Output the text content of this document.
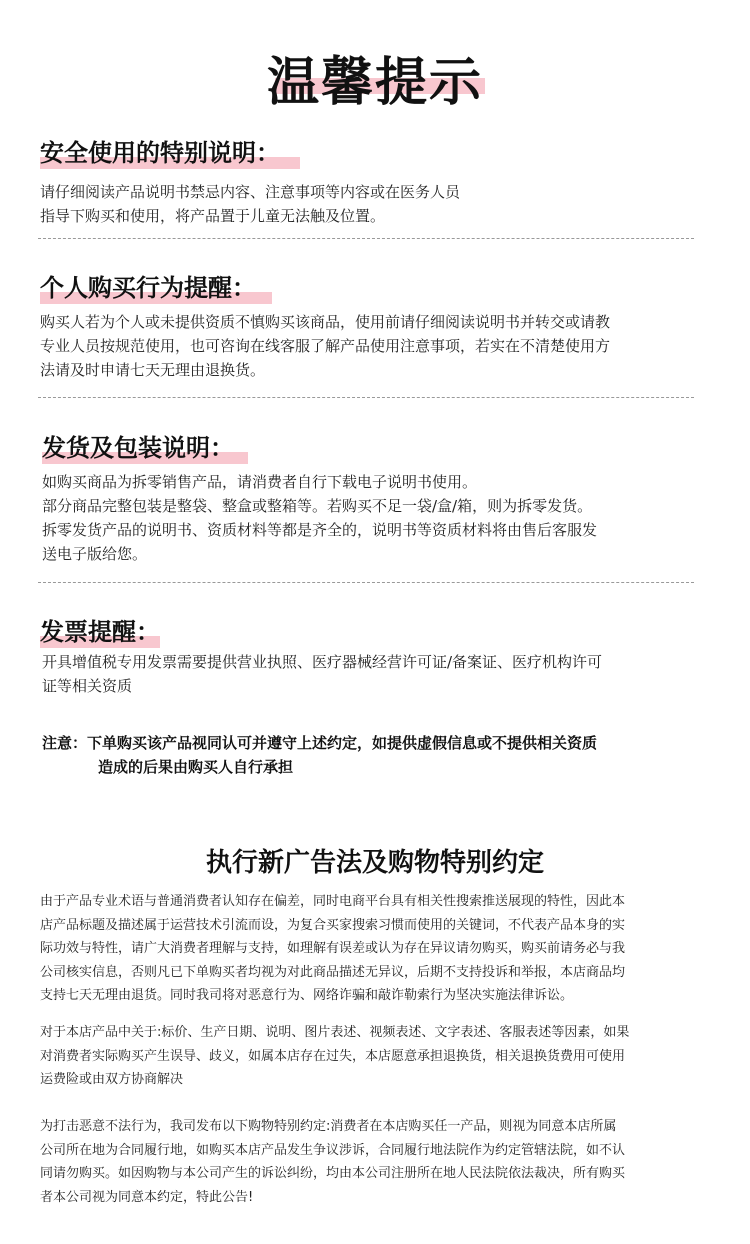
温馨提示
安全使用的特别说明：
请仔细阅读产品说明书禁忌内容、注意事项等内容或在医务人员
指导下购买和使用，将产品置于儿童无法触及位置。
个人购买行为提醒：
购买人若为个人或未提供资质不慎购买该商品，使用前请仔细阅读说明书并转交或请教
专业人员按规范使用，也可咨询在线客服了解产品使用注意事项，若实在不清楚使用方
法请及时申请七天无理由退换货。
发货及包装说明：
如购买商品为拆零销售产品，请消费者自行下载电子说明书使用。
部分商品完整包装是整袋、整盒或整箱等。若购买不足一袋/盒/箱，则为拆零发货。
拆零发货产品的说明书、资质材料等都是齐全的，说明书等资质材料将由售后客服发
送电子版给您。
发票提醒：
开具增值税专用发票需要提供营业执照、医疗器械经营许可证/备案证、医疗机构许可
证等相关资质
注意：下单购买该产品视同认可并遵守上述约定，如提供虚假信息或不提供相关资质
造成的后果由购买人自行承担
执行新广告法及购物特别约定
由于产品专业术语与普通消费者认知存在偏差，同时电商平台具有相关性搜索推送展现的特性，因此本
店产品标题及描述属于运营技术引流而设，为复合买家搜索习惯而使用的关键词，不代表产品本身的实
际功效与特性，请广大消费者理解与支持，如理解有误差或认为存在异议请勿购买，购买前请务必与我
公司核实信息，否则凡已下单购买者均视为对此商品描述无异议，后期不支持投诉和举报，本店商品均
支持七天无理由退货。同时我司将对恶意行为、网络诈骗和敲诈勒索行为坚决实施法律诉讼。
对于本店产品中关于:标价、生产日期、说明、图片表述、视频表述、文字表述、客服表述等因素，如果
对消费者实际购买产生误导、歧义，如属本店存在过失，本店愿意承担退换货，相关退换货费用可使用
运费险或由双方协商解决
为打击恶意不法行为，我司发布以下购物特别约定:消费者在本店购买任一产品，则视为同意本店所属
公司所在地为合同履行地，如购买本店产品发生争议涉诉，合同履行地法院作为约定管辖法院，如不认
同请勿购买。如因购物与本公司产生的诉讼纠纷，均由本公司注册所在地人民法院依法裁决，所有购买
者本公司视为同意本约定，特此公告!
